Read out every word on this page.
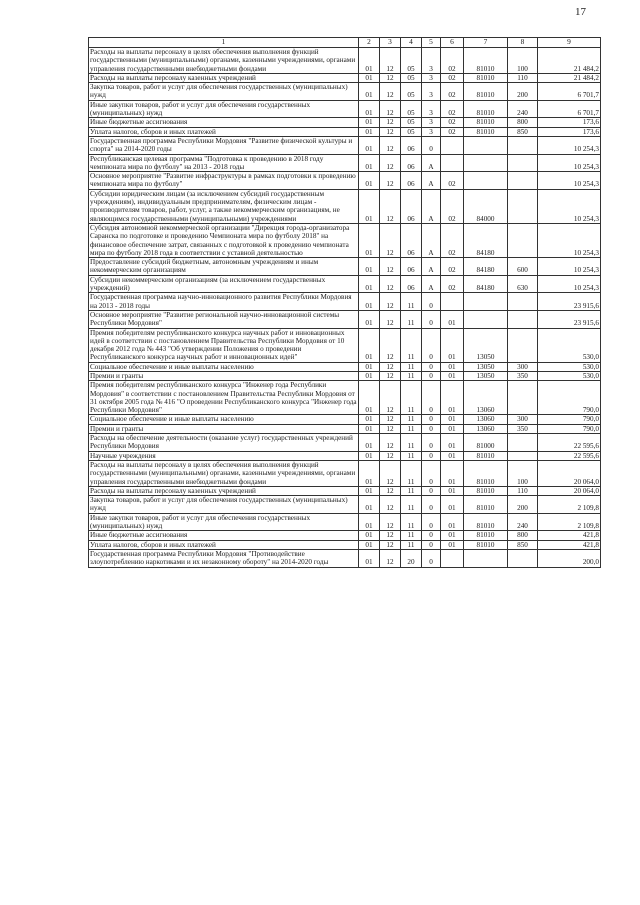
17
1	2	3	4	5	6	7	8	9
Расходы на выплаты персоналу в целях обеспечения выполнения функций государственными (муниципальными) органами, казенными учреждениями, органами управления государственными внебюджетными фондами	01	12	05	3	02	81010	100	21 484,2
Расходы на выплаты персоналу казенных учреждений	01	12	05	3	02	81010	110	21 484,2
Закупка товаров, работ и услуг для обеспечения государственных (муниципальных) нужд	01	12	05	3	02	81010	200	6 701,7
Иные закупки товаров, работ и услуг для обеспечения государственных (муниципальных) нужд	01	12	05	3	02	81010	240	6 701,7
Иные бюджетные ассигнования	01	12	05	3	02	81010	800	173,6
Уплата налогов, сборов и иных платежей	01	12	05	3	02	81010	850	173,6
Государственная программа Республики Мордовия "Развитие физической культуры и спорта" на 2014-2020 годы	01	12	06	0				10 254,3
Республиканская целевая программа "Подготовка к проведению в 2018 году чемпионата мира по футболу" на 2013 - 2018 годы	01	12	06	А				10 254,3
Основное мероприятие "Развитие инфраструктуры в рамках подготовки к проведению чемпионата мира по футболу"	01	12	06	А	02			10 254,3
Субсидии юридическим лицам (за исключением субсидий государственным учреждениям), индивидуальным предпринимателям, физическим лицам - производителям товаров, работ, услуг, а также некоммерческим организациям, не являющимся государственными (муниципальными) учреждениями	01	12	06	А	02	84000		10 254,3
Субсидия автономной некоммерческой организации "Дирекция города-организатора Саранска по подготовке и проведению Чемпионата мира по футболу 2018" на финансовое обеспечение затрат, связанных с подготовкой к проведению чемпионата мира по футболу 2018 года в соответствии с уставной деятельностью	01	12	06	А	02	84180		10 254,3
Предоставление субсидий бюджетным, автономным учреждениям и иным некоммерческим организациям	01	12	06	А	02	84180	600	10 254,3
Субсидии некоммерческим организациям (за исключением государственных учреждений)	01	12	06	А	02	84180	630	10 254,3
Государственная программа научно-инновационного развития Республики Мордовия на 2013 - 2018 годы	01	12	11	0				23 915,6
Основное мероприятие "Развитие региональной научно-инновационной системы Республики Мордовия"	01	12	11	0	01			23 915,6
Премия победителям республиканского конкурса научных работ и инновационных идей в соответствии с постановлением Правительства Республики Мордовия от 10 декабря 2012 года № 443 "Об утверждении Положения о проведении Республиканского конкурса научных работ и инновационных идей"	01	12	11	0	01	13050		530,0
Социальное обеспечение и иные выплаты населению	01	12	11	0	01	13050	300	530,0
Премии и гранты	01	12	11	0	01	13050	350	530,0
Премия победителям республиканского конкурса "Инженер года Республики Мордовия" в соответствии с постановлением Правительства Республики Мордовия от 31 октября 2005 года № 416 "О проведении Республиканского конкурса "Инженер года Республики Мордовия"	01	12	11	0	01	13060		790,0
Социальное обеспечение и иные выплаты населению	01	12	11	0	01	13060	300	790,0
Премии и гранты	01	12	11	0	01	13060	350	790,0
Расходы на обеспечение деятельности (оказание услуг) государственных учреждений Республики Мордовия	01	12	11	0	01	81000		22 595,6
Научные учреждения	01	12	11	0	01	81010		22 595,6
Расходы на выплаты персоналу в целях обеспечения выполнения функций государственными (муниципальными) органами, казенными учреждениями, органами управления государственными внебюджетными фондами	01	12	11	0	01	81010	100	20 064,0
Расходы на выплаты персоналу казенных учреждений	01	12	11	0	01	81010	110	20 064,0
Закупка товаров, работ и услуг для обеспечения государственных (муниципальных) нужд	01	12	11	0	01	81010	200	2 109,8
Иные закупки товаров, работ и услуг для обеспечения государственных (муниципальных) нужд	01	12	11	0	01	81010	240	2 109,8
Иные бюджетные ассигнования	01	12	11	0	01	81010	800	421,8
Уплата налогов, сборов и иных платежей	01	12	11	0	01	81010	850	421,8
Государственная программа Республики Мордовия "Противодействие злоупотреблению наркотиками и их незаконному обороту" на 2014-2020 годы	01	12	20	0				200,0
